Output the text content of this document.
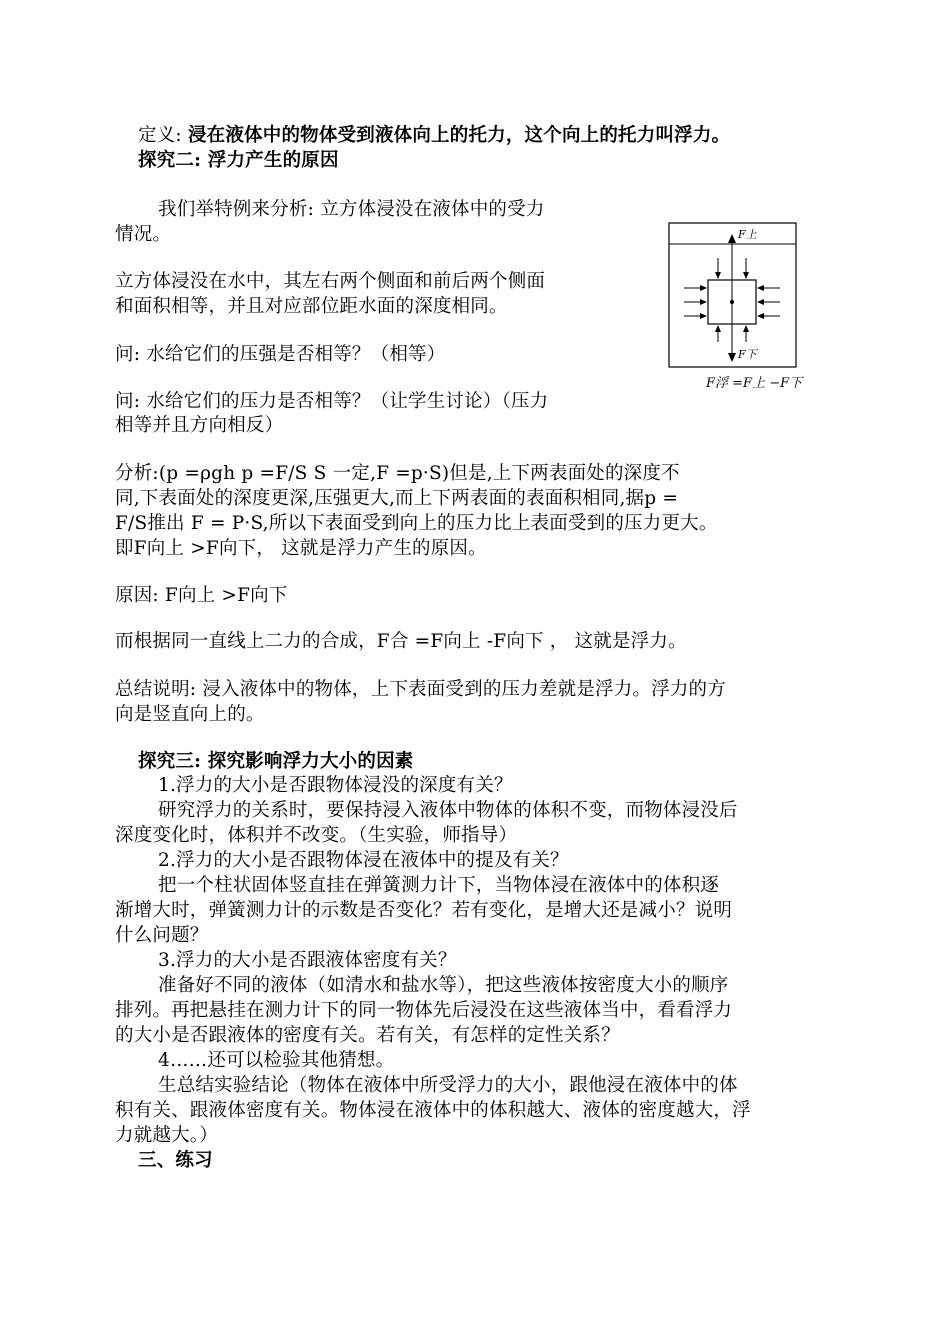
定义: 浸在液体中的物体受到液体向上的托力，这个向上的托力叫浮力。
探究二: 浮力产生的原因
我们举特例来分析: 立方体浸没在液体中的受力
情况。
立方体浸没在水中，其左右两个侧面和前后两个侧面
和面积相等，并且对应部位距水面的深度相同。
问: 水给它们的压强是否相等？（相等）
问: 水给它们的压力是否相等？（让学生讨论）（压力
相等并且方向相反）
分析:(p =ρgh p =F/S S 一定,F =p·S)但是,上下两表面处的深度不
同,下表面处的深度更深,压强更大,而上下两表面的表面积相同,据p =
F/S推出 F = P·S,所以下表面受到向上的压力比上表面受到的压力更大。
即F向上 >F向下， 这就是浮力产生的原因。
原因: F向上 >F向下
而根据同一直线上二力的合成，F合 =F向上 -F向下 ， 这就是浮力。
总结说明: 浸入液体中的物体，上下表面受到的压力差就是浮力。浮力的方
向是竖直向上的。
F上
F下
F浮 =F上 −F下
探究三: 探究影响浮力大小的因素
1.浮力的大小是否跟物体浸没的深度有关？
研究浮力的关系时，要保持浸入液体中物体的体积不变，而物体浸没后
深度变化时，体积并不改变。（生实验，师指导）
2.浮力的大小是否跟物体浸在液体中的提及有关？
把一个柱状固体竖直挂在弹簧测力计下，当物体浸在液体中的体积逐
渐增大时，弹簧测力计的示数是否变化？若有变化，是增大还是减小？说明
什么问题？
3.浮力的大小是否跟液体密度有关？
准备好不同的液体（如清水和盐水等），把这些液体按密度大小的顺序
排列。再把悬挂在测力计下的同一物体先后浸没在这些液体当中，看看浮力
的大小是否跟液体的密度有关。若有关，有怎样的定性关系？
4……还可以检验其他猜想。
生总结实验结论（物体在液体中所受浮力的大小，跟他浸在液体中的体
积有关、跟液体密度有关。物体浸在液体中的体积越大、液体的密度越大，浮
力就越大。）
三、练习
